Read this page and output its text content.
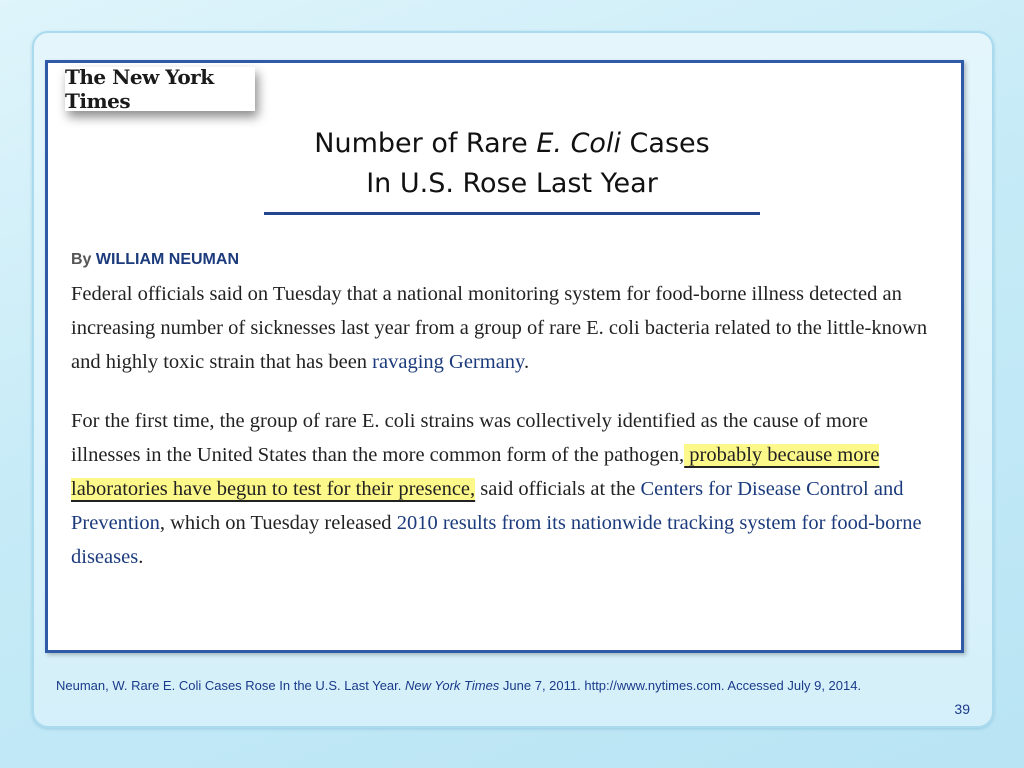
The New York Times
Number of Rare E. Coli Cases
In U.S. Rose Last Year
By WILLIAM NEUMAN
Federal officials said on Tuesday that a national monitoring system for food-borne illness detected an increasing number of sicknesses last year from a group of rare E. coli bacteria related to the little-known and highly toxic strain that has been ravaging Germany.
For the first time, the group of rare E. coli strains was collectively identified as the cause of more illnesses in the United States than the more common form of the pathogen, probably because more laboratories have begun to test for their presence, said officials at the Centers for Disease Control and Prevention, which on Tuesday released 2010 results from its nationwide tracking system for food-borne diseases.
Neuman, W. Rare E. Coli Cases Rose In the U.S. Last Year. New York Times June 7, 2011. http://www.nytimes.com. Accessed July 9, 2014.
39
